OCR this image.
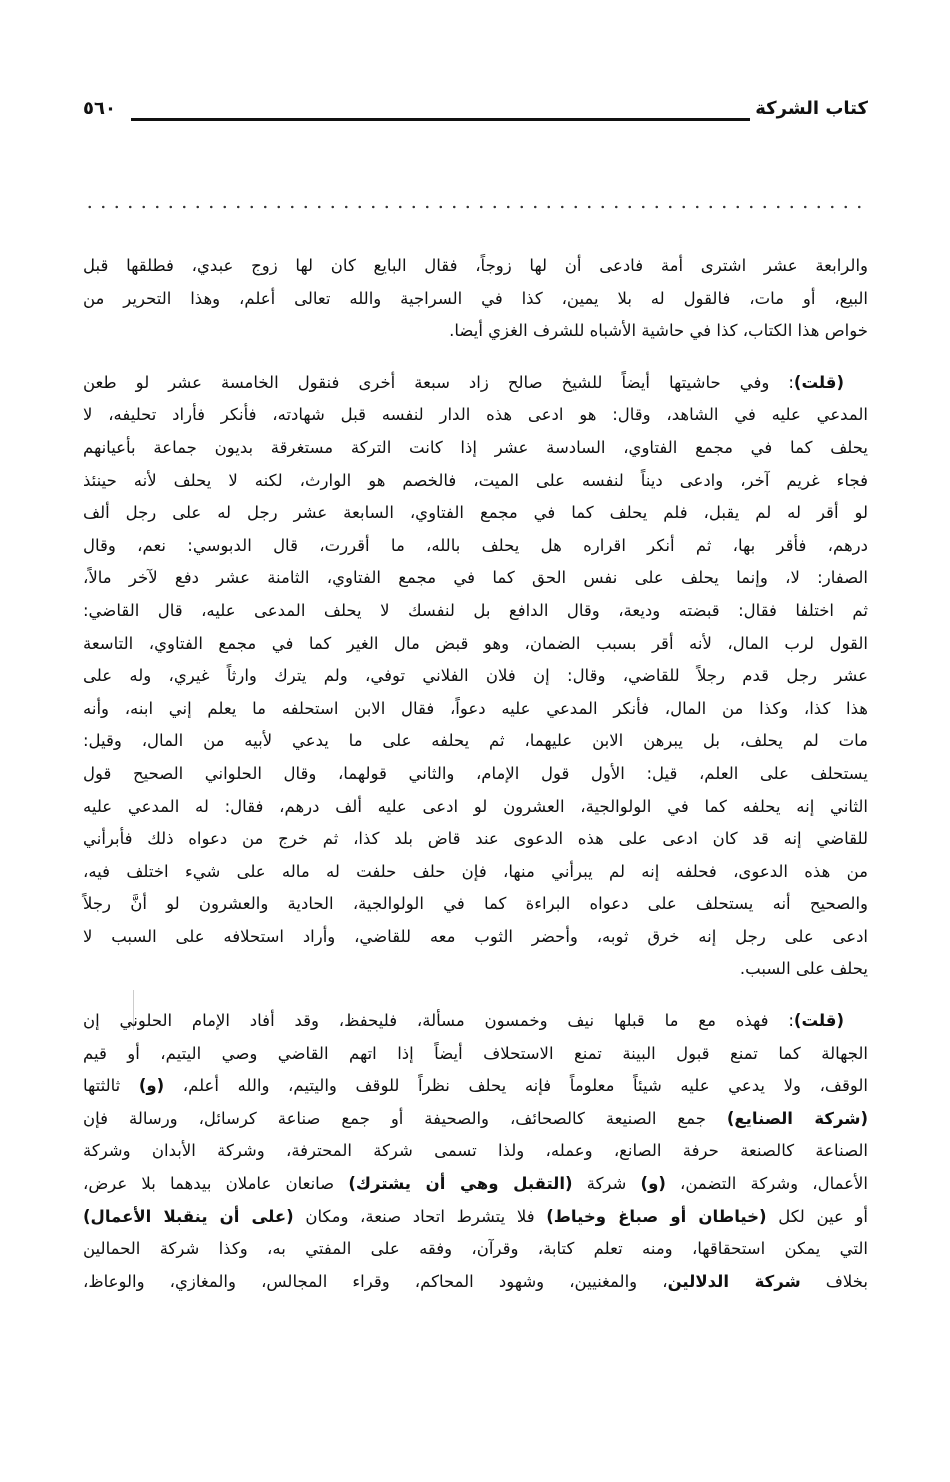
كتاب الشركة
٥٦٠
والرابعة عشر اشترى أمة فادعى أن لها زوجاً، فقال البايع كان لها زوج عبدي، فطلقها قبل
البيع، أو مات، فالقول له بلا يمين، كذا في السراجية والله تعالى أعلم، وهذا التحرير من
خواص هذا الكتاب، كذا في حاشية الأشباه للشرف الغزي أيضا.
(قلت): وفي حاشيتها أيضاً للشيخ صالح زاد سبعة أخرى فنقول الخامسة عشر لو طعن
المدعي عليه في الشاهد، وقال: هو ادعى هذه الدار لنفسه قبل شهادته، فأنكر فأراد تحليفه، لا
يحلف كما في مجمع الفتاوي، السادسة عشر إذا كانت التركة مستغرقة بديون جماعة بأعيانهم
فجاء غريم آخر، وادعى ديناً لنفسه على الميت، فالخصم هو الوارث، لكنه لا يحلف لأنه حينئذ
لو أقر له لم يقبل، فلم يحلف كما في مجمع الفتاوي، السابعة عشر رجل له على رجل ألف
درهم، فأقر بها، ثم أنكر اقراره هل يحلف بالله، ما أقررت، قال الدبوسي: نعم، وقال
الصفار: لا، وإنما يحلف على نفس الحق كما في مجمع الفتاوي، الثامنة عشر دفع لآخر مالاً،
ثم اختلفا فقال: قبضته وديعة، وقال الدافع بل لنفسك لا يحلف المدعى عليه، قال القاضي:
القول لرب المال، لأنه أقر بسبب الضمان، وهو قبض مال الغير كما في مجمع الفتاوي، التاسعة
عشر رجل قدم رجلاً للقاضي، وقال: إن فلان الفلاني توفي، ولم يترك وارثاً غيري، وله على
هذا كذا، وكذا من المال، فأنكر المدعي عليه دعواً، فقال الابن استحلفه ما يعلم إني ابنه، وأنه
مات لم يحلف، بل يبرهن الابن عليهما، ثم يحلفه على ما يدعي لأبيه من المال، وقيل:
يستحلف على العلم، قيل: الأول قول الإمام، والثاني قولهما، وقال الحلواني الصحيح قول
الثاني إنه يحلفه كما في الولوالجية، العشرون لو ادعى عليه ألف درهم، فقال: له المدعي عليه
للقاضي إنه قد كان ادعى على هذه الدعوى عند قاض بلد كذا، ثم خرج من دعواه ذلك فأبرأني
من هذه الدعوى، فحلفه إنه لم يبرأني منها، فإن حلف حلفت له ماله على شيء اختلف فيه،
والصحيح أنه يستحلف على دعواه البراءة كما في الولوالجية، الحادية والعشرون لو أنَّ رجلاً
ادعى على رجل إنه خرق ثوبه، وأحضر الثوب معه للقاضي، وأراد استحلافه على السبب لا
يحلف على السبب.
(قلت): فهذه مع ما قبلها نيف وخمسون مسألة، فليحفظ، وقد أفاد الإمام الحلوني إن
الجهالة كما تمنع قبول البينة تمنع الاستحلاف أيضاً إذا اتهم القاضي وصي اليتيم، أو قيم
الوقف، ولا يدعي عليه شيئاً معلوماً فإنه يحلف نظراً للوقف واليتيم، والله أعلم، (و) ثالثتها
(شركة الصنايع) جمع الصنيعة كالصحائف، والصحيفة أو جمع صناعة كرسائل، ورسالة فإن
الصناعة كالصنعة حرفة الصانع، وعمله، ولذا تسمى شركة المحترفة، وشركة الأبدان وشركة
الأعمال، وشركة التضمن، (و) شركة (التقبل وهي أن يشترك) صانعان عاملان بيدهما بلا عرض،
أو عين لكل (خياطان أو صباغ وخياط) فلا يتشرط اتحاد صنعة، ومكان (على أن ينقبلا الأعمال)
التي يمكن استحقاقها، ومنه تعلم كتابة، وقرآن، وفقه على المفتي به، وكذا شركة الحمالين
بخلاف شركة الدلالين، والمغنيين، وشهود المحاكم، وقراء المجالس، والمغازي، والوعاظ،
